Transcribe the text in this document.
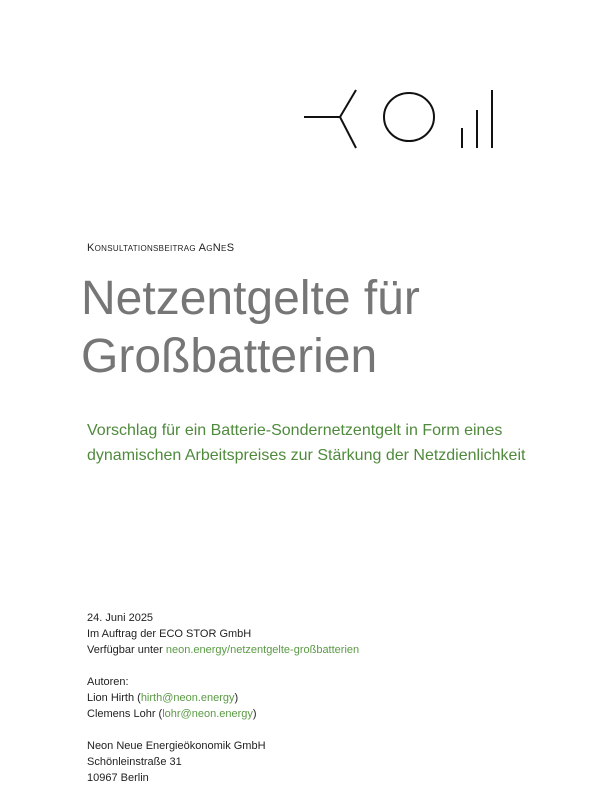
Konsultationsbeitrag AgNeS
Netzentgelte für
Großbatterien
Vorschlag für ein Batterie-Sondernetzentgelt in Form eines dynamischen Arbeitspreises zur Stärkung der Netzdienlichkeit
24. Juni 2025
Im Auftrag der ECO STOR GmbH
Verfügbar unter neon.energy/netzentgelte-großbatterien
Autoren:
Lion Hirth (hirth@neon.energy)
Clemens Lohr (lohr@neon.energy)
Neon Neue Energieökonomik GmbH
Schönleinstraße 31
10967 Berlin
